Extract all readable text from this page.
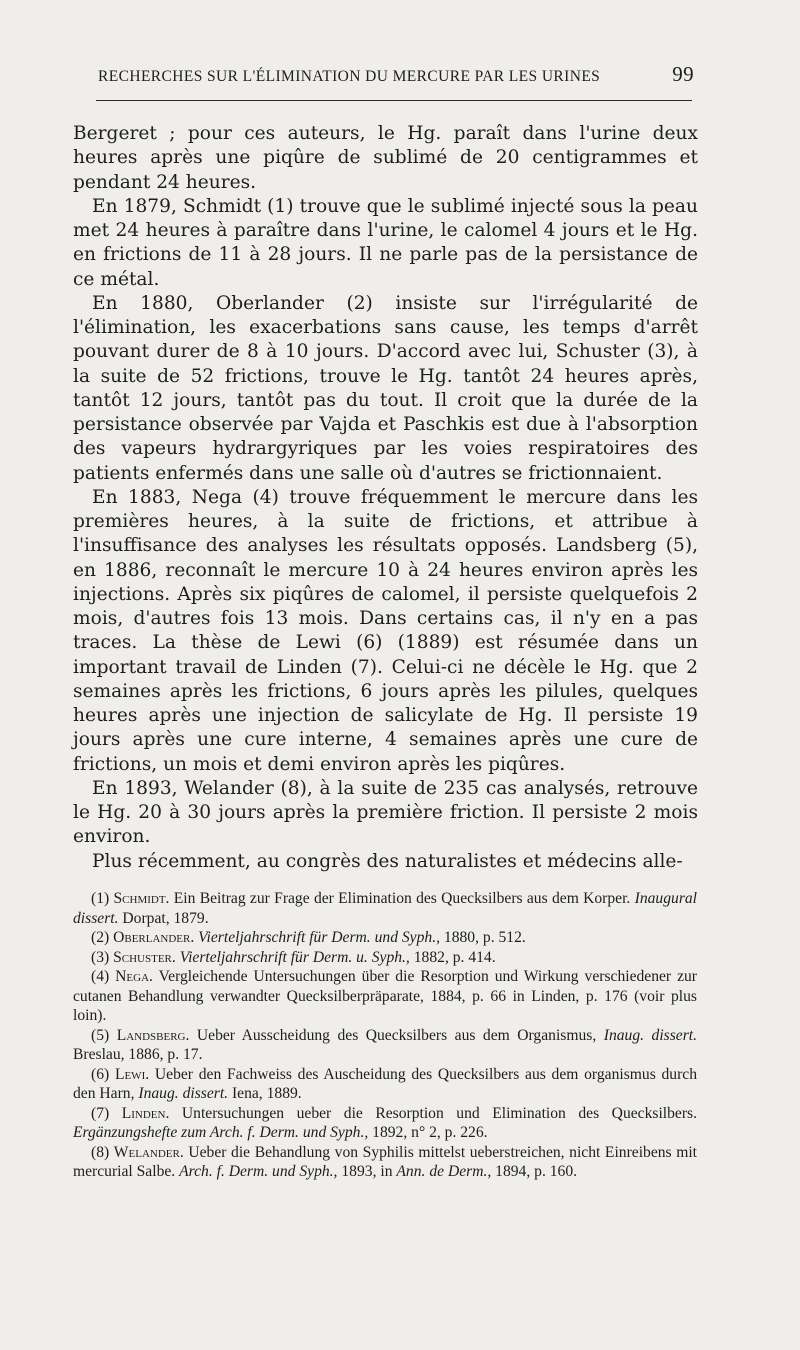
RECHERCHES SUR L'ÉLIMINATION DU MERCURE PAR LES URINES	99

Bergeret ; pour ces auteurs, le Hg. paraît dans l'urine deux heures après une piqûre de sublimé de 20 centigrammes et pendant 24 heures.

En 1879, Schmidt (1) trouve que le sublimé injecté sous la peau met 24 heures à paraître dans l'urine, le calomel 4 jours et le Hg. en frictions de 11 à 28 jours. Il ne parle pas de la persistance de ce métal.

En 1880, Oberlander (2) insiste sur l'irrégularité de l'élimination, les exacerbations sans cause, les temps d'arrêt pouvant durer de 8 à 10 jours. D'accord avec lui, Schuster (3), à la suite de 52 frictions, trouve le Hg. tantôt 24 heures après, tantôt 12 jours, tantôt pas du tout. Il croit que la durée de la persistance observée par Vajda et Paschkis est due à l'absorption des vapeurs hydrargyriques par les voies respiratoires des patients enfermés dans une salle où d'autres se frictionnaient.

En 1883, Nega (4) trouve fréquemment le mercure dans les premières heures, à la suite de frictions, et attribue à l'insuffisance des analyses les résultats opposés. Landsberg (5), en 1886, reconnaît le mercure 10 à 24 heures environ après les injections. Après six piqûres de calomel, il persiste quelquefois 2 mois, d'autres fois 13 mois. Dans certains cas, il n'y en a pas traces. La thèse de Lewi (6) (1889) est résumée dans un important travail de Linden (7). Celui-ci ne décèle le Hg. que 2 semaines après les frictions, 6 jours après les pilules, quelques heures après une injection de salicylate de Hg. Il persiste 19 jours après une cure interne, 4 semaines après une cure de frictions, un mois et demi environ après les piqûres.

En 1893, Welander (8), à la suite de 235 cas analysés, retrouve le Hg. 20 à 30 jours après la première friction. Il persiste 2 mois environ.

Plus récemment, au congrès des naturalistes et médecins alle-

(1) Schmidt. Ein Beitrag zur Frage der Elimination des Quecksilbers aus dem Korper. Inaugural dissert. Dorpat, 1879.

(2) Oberlander. Vierteljahrschrift für Derm. und Syph., 1880, p. 512.

(3) Schuster. Vierteljahrschrift für Derm. u. Syph., 1882, p. 414.

(4) Nega. Vergleichende Untersuchungen über die Resorption und Wirkung verschiedener zur cutanen Behandlung verwandter Quecksilberpräparate, 1884, p. 66 in Linden, p. 176 (voir plus loin).

(5) Landsberg. Ueber Ausscheidung des Quecksilbers aus dem Organismus, Inaug. dissert. Breslau, 1886, p. 17.

(6) Lewi. Ueber den Fachweiss des Auscheidung des Quecksilbers aus dem organismus durch den Harn, Inaug. dissert. Iena, 1889.

(7) Linden. Untersuchungen ueber die Resorption und Elimination des Quecksilbers. Ergänzungshefte zum Arch. f. Derm. und Syph., 1892, n° 2, p. 226.

(8) Welander. Ueber die Behandlung von Syphilis mittelst ueberstreichen, nicht Einreibens mit mercurial Salbe. Arch. f. Derm. und Syph., 1893, in Ann. de Derm., 1894, p. 160.
